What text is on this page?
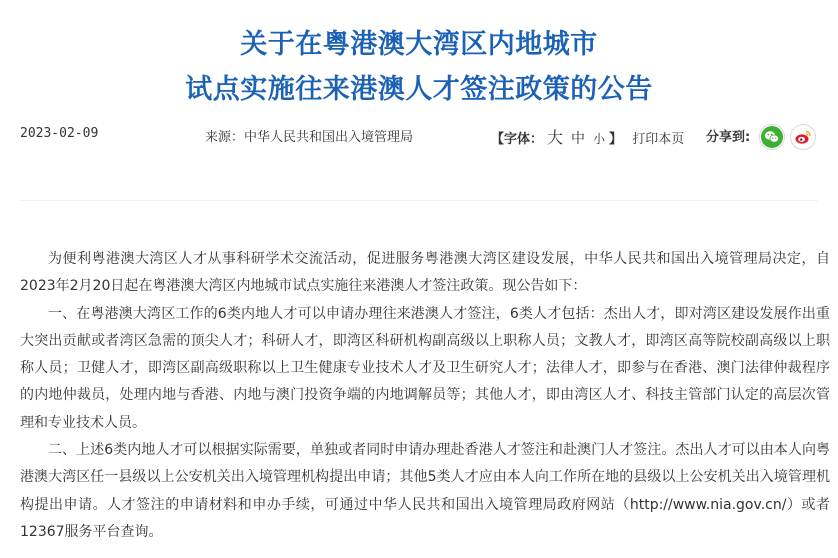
关于在粤港澳大湾区内地城市
试点实施往来港澳人才签注政策的公告
2023-02-09	来源：中华人民共和国出入境管理局	【字体： 大 中 小 】 打印本页 分享到:

为便利粤港澳大湾区人才从事科研学术交流活动，促进服务粤港澳大湾区建设发展，中华人民共和国出入境管理局决定，自2023年2月20日起在粤港澳大湾区内地城市试点实施往来港澳人才签注政策。现公告如下：

一、在粤港澳大湾区工作的6类内地人才可以申请办理往来港澳人才签注，6类人才包括：杰出人才，即对湾区建设发展作出重大突出贡献或者湾区急需的顶尖人才；科研人才，即湾区科研机构副高级以上职称人员；文教人才，即湾区高等院校副高级以上职称人员；卫健人才，即湾区副高级职称以上卫生健康专业技术人才及卫生研究人才；法律人才，即参与在香港、澳门法律仲裁程序的内地仲裁员，处理内地与香港、内地与澳门投资争端的内地调解员等；其他人才，即由湾区人才、科技主管部门认定的高层次管理和专业技术人员。

二、上述6类内地人才可以根据实际需要，单独或者同时申请办理赴香港人才签注和赴澳门人才签注。杰出人才可以由本人向粤港澳大湾区任一县级以上公安机关出入境管理机构提出申请；其他5类人才应由本人向工作所在地的县级以上公安机关出入境管理机构提出申请。人才签注的申请材料和申办手续，可通过中华人民共和国出入境管理局政府网站（http://www.nia.gov.cn/）或者12367服务平台查询。
